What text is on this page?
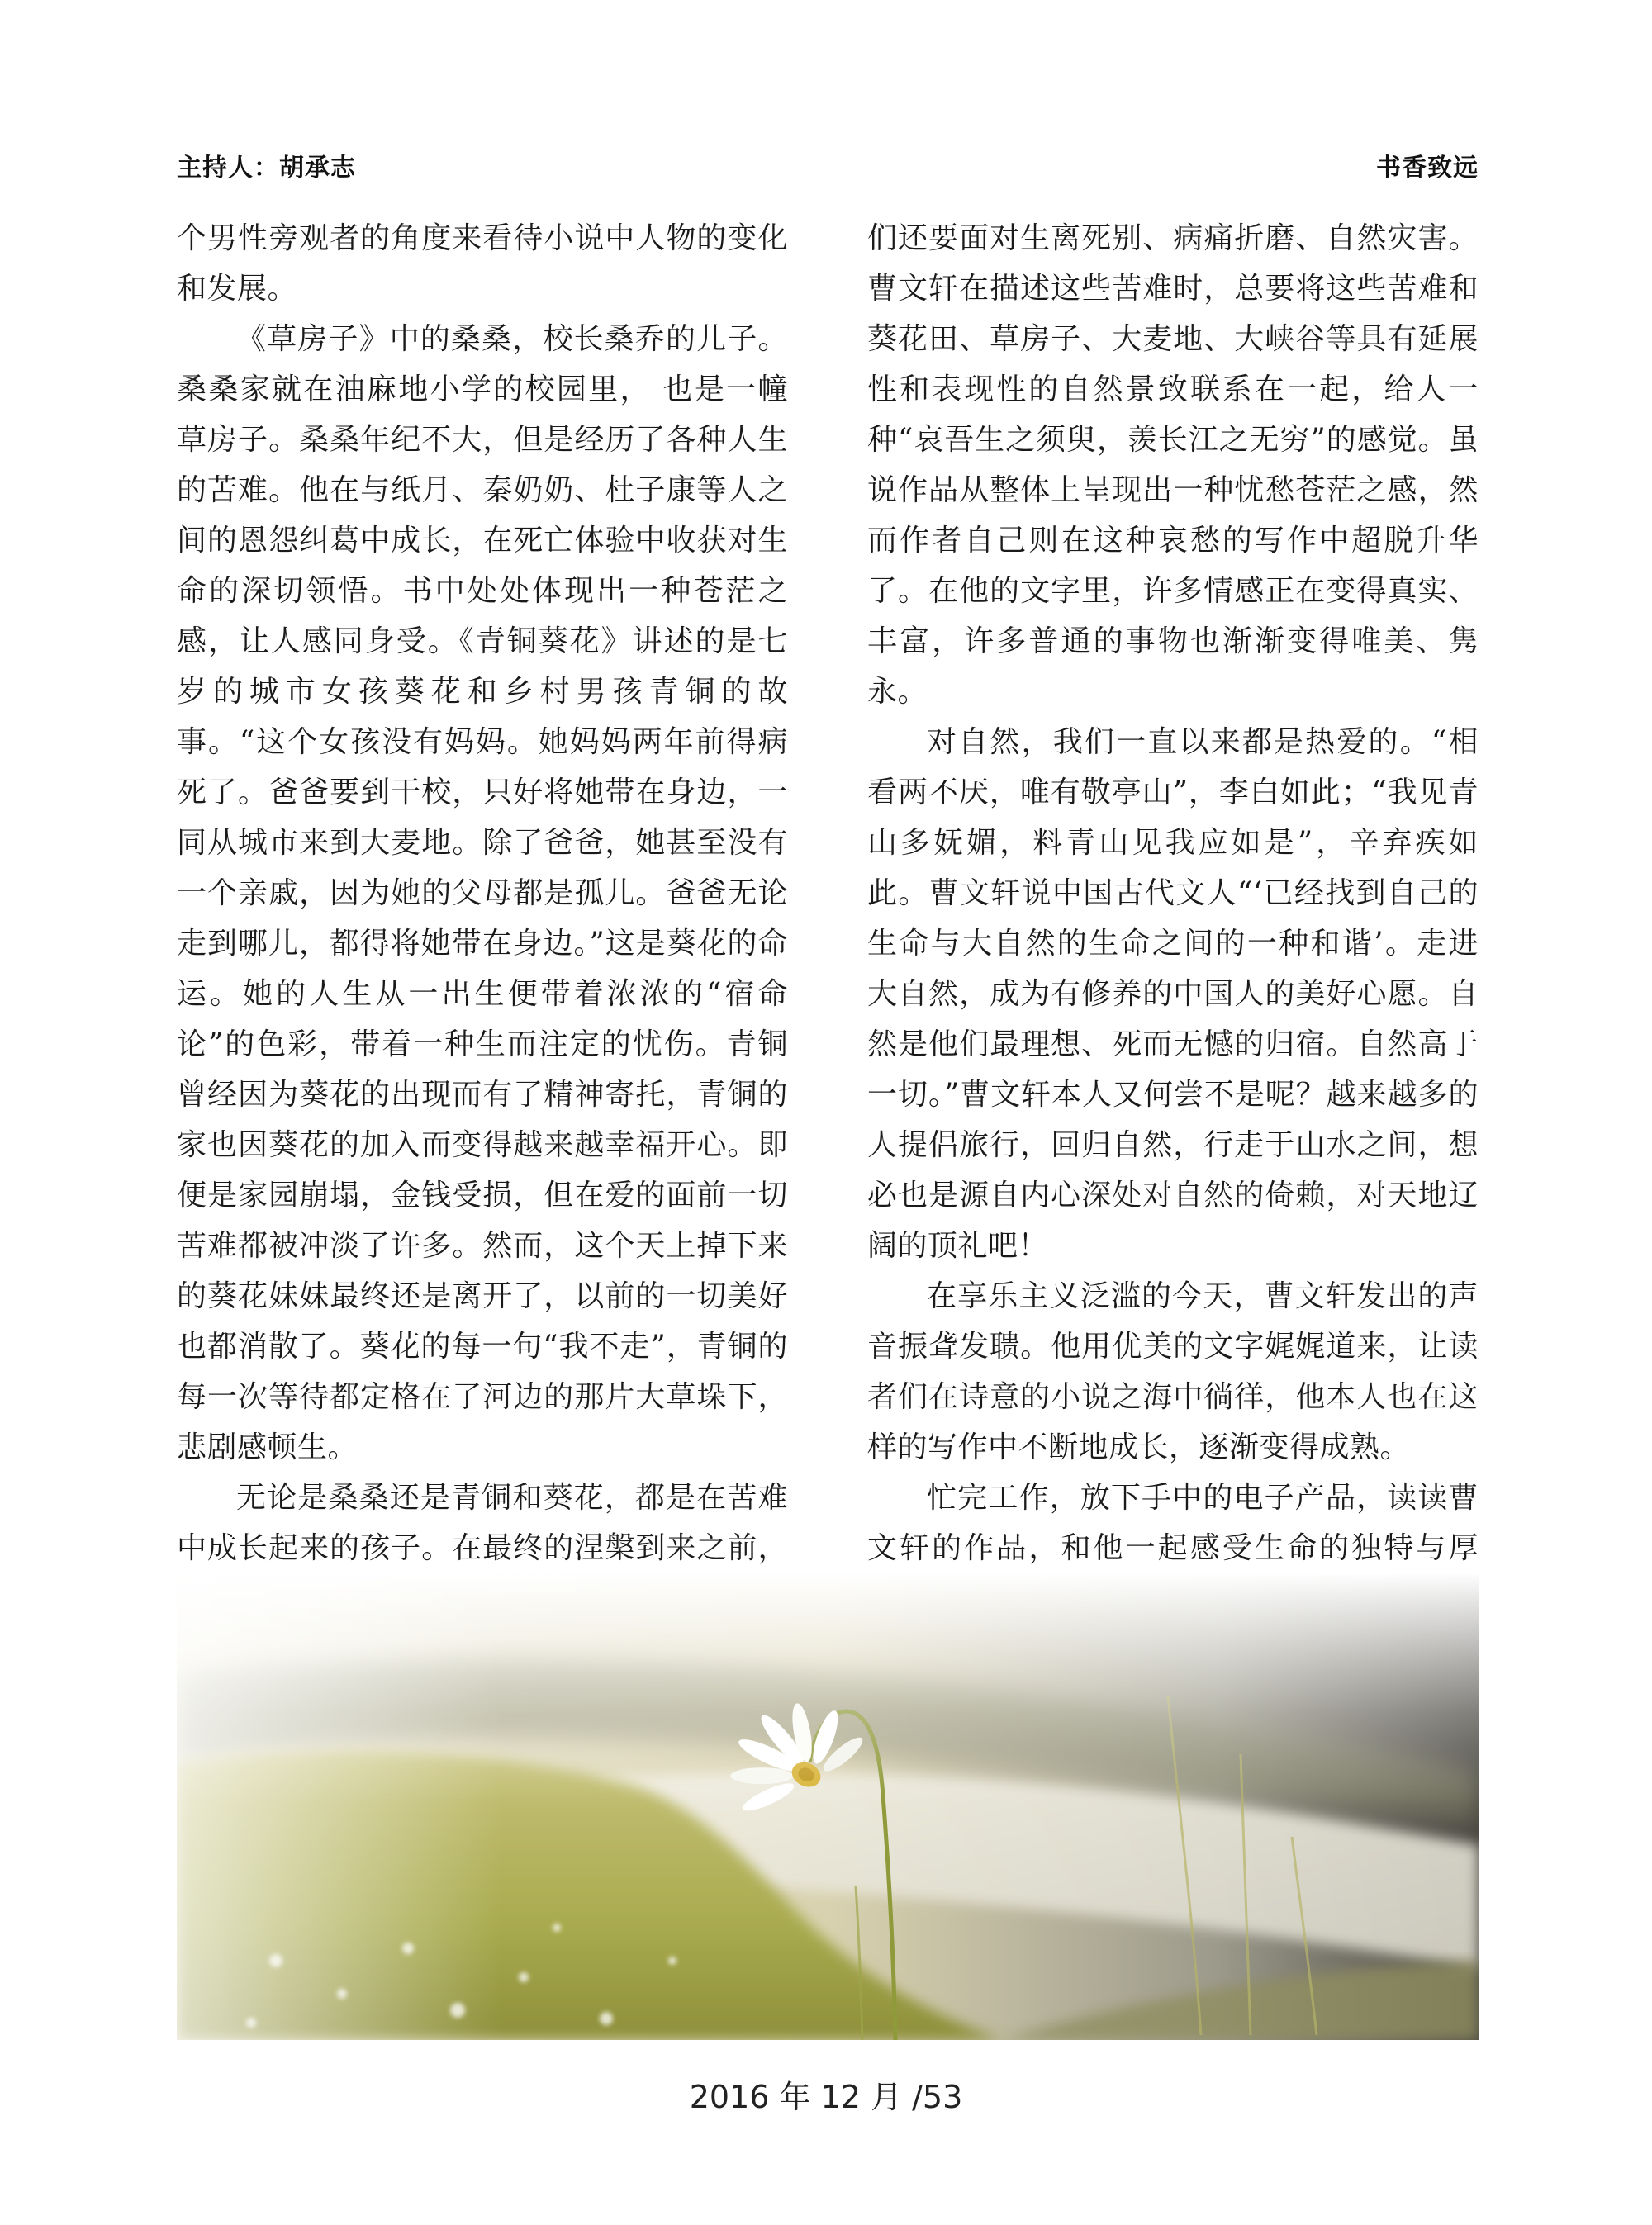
主持人：胡承志	书香致远

个男性旁观者的角度来看待小说中人物的变化和发展。

《草房子》中的桑桑，校长桑乔的儿子。桑桑家就在油麻地小学的校园里， 也是一幢草房子。桑桑年纪不大，但是经历了各种人生的苦难。他在与纸月、秦奶奶、杜子康等人之间的恩怨纠葛中成长，在死亡体验中收获对生命的深切领悟。书中处处体现出一种苍茫之感，让人感同身受。《青铜葵花》讲述的是七岁的城市女孩葵花和乡村男孩青铜的故事。“这个女孩没有妈妈。她妈妈两年前得病死了。爸爸要到干校，只好将她带在身边，一同从城市来到大麦地。除了爸爸，她甚至没有一个亲戚，因为她的父母都是孤儿。爸爸无论走到哪儿，都得将她带在身边。”这是葵花的命运。她的人生从一出生便带着浓浓的“宿命论”的色彩，带着一种生而注定的忧伤。青铜曾经因为葵花的出现而有了精神寄托，青铜的家也因葵花的加入而变得越来越幸福开心。即便是家园崩塌，金钱受损，但在爱的面前一切苦难都被冲淡了许多。然而，这个天上掉下来的葵花妹妹最终还是离开了，以前的一切美好也都消散了。葵花的每一句“我不走”，青铜的每一次等待都定格在了河边的那片大草垛下，悲剧感顿生。

无论是桑桑还是青铜和葵花，都是在苦难中成长起来的孩子。在最终的涅槃到来之前，

们还要面对生离死别、病痛折磨、自然灾害。曹文轩在描述这些苦难时，总要将这些苦难和葵花田、草房子、大麦地、大峡谷等具有延展性和表现性的自然景致联系在一起，给人一种“哀吾生之须臾，羡长江之无穷”的感觉。虽说作品从整体上呈现出一种忧愁苍茫之感，然而作者自己则在这种哀愁的写作中超脱升华了。在他的文字里，许多情感正在变得真实、丰富，许多普通的事物也渐渐变得唯美、隽永。

对自然，我们一直以来都是热爱的。“相看两不厌，唯有敬亭山”，李白如此；“我见青山多妩媚，料青山见我应如是”，辛弃疾如此。曹文轩说中国古代文人“‘已经找到自己的生命与大自然的生命之间的一种和谐’。走进大自然，成为有修养的中国人的美好心愿。自然是他们最理想、死而无憾的归宿。自然高于一切。”曹文轩本人又何尝不是呢？越来越多的人提倡旅行，回归自然，行走于山水之间，想必也是源自内心深处对自然的倚赖，对天地辽阔的顶礼吧！

在享乐主义泛滥的今天，曹文轩发出的声音振聋发聩。他用优美的文字娓娓道来，让读者们在诗意的小说之海中徜徉，他本人也在这样的写作中不断地成长，逐渐变得成熟。

忙完工作，放下手中的电子产品，读读曹文轩的作品，和他一起感受生命的独特与厚

2016 年 12 月 /53
